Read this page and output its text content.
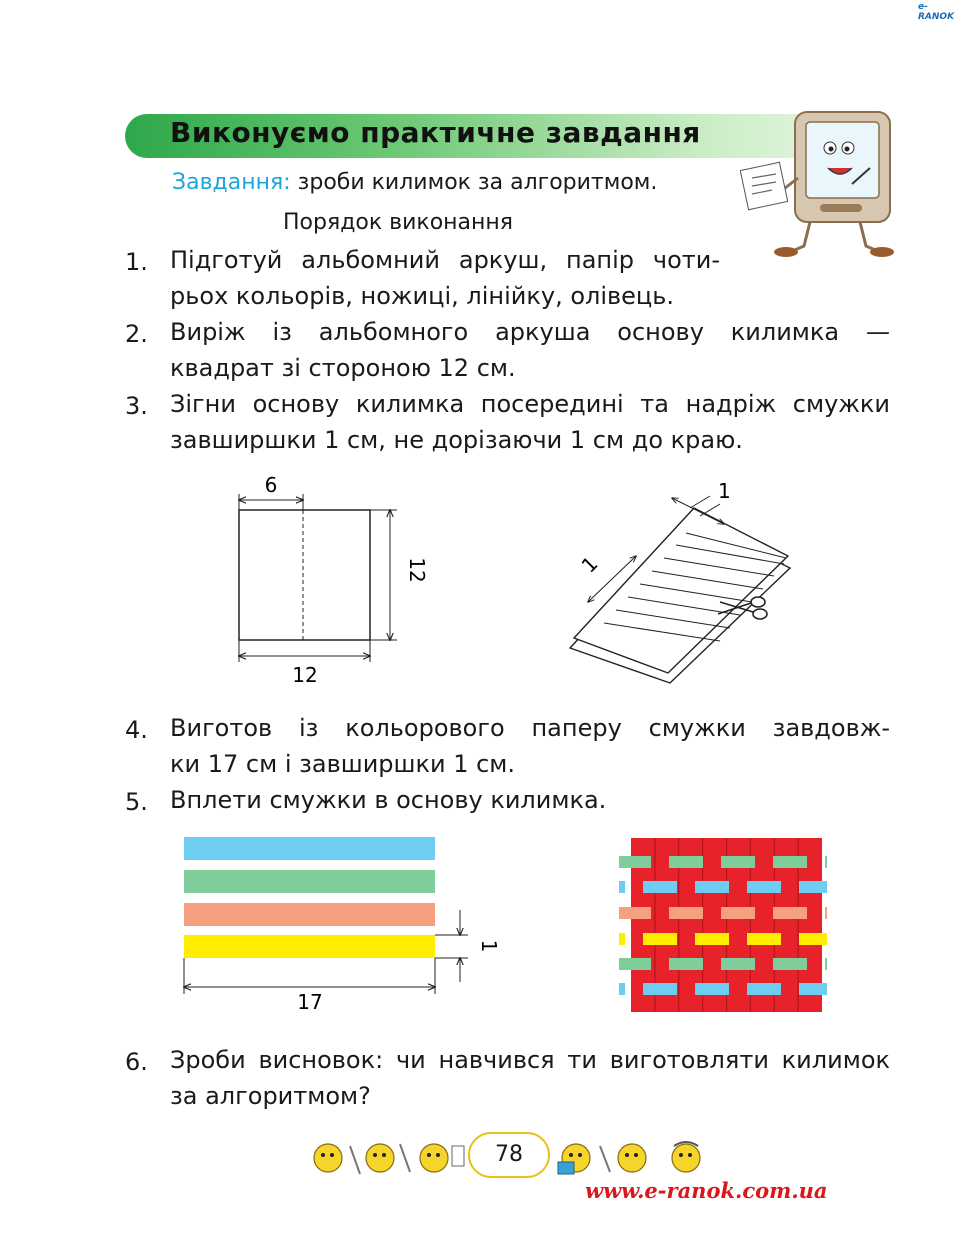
e-RANOK
Виконуємо практичне завдання
Завдання: зроби килимок за алгоритмом.
Порядок виконання
1. Підготуй альбомний аркуш, папір чоти-
рьох кольорів, ножиці, лінійку, олівець.
2. Виріж із альбомного аркуша основу килимка —
квадрат зі стороною 12 см.
3. Зігни основу килимка посередині та надріж смужки
завширшки 1 см, не дорізаючи 1 см до краю.
6
12
12
1
1
4. Виготов із кольорового паперу смужки завдовж-
ки 17 см і завширшки 1 см.
5. Вплети смужки в основу килимка.
1
17
6. Зроби висновок: чи навчився ти виготовляти килимок
за алгоритмом?
78
www.e-ranok.com.ua
